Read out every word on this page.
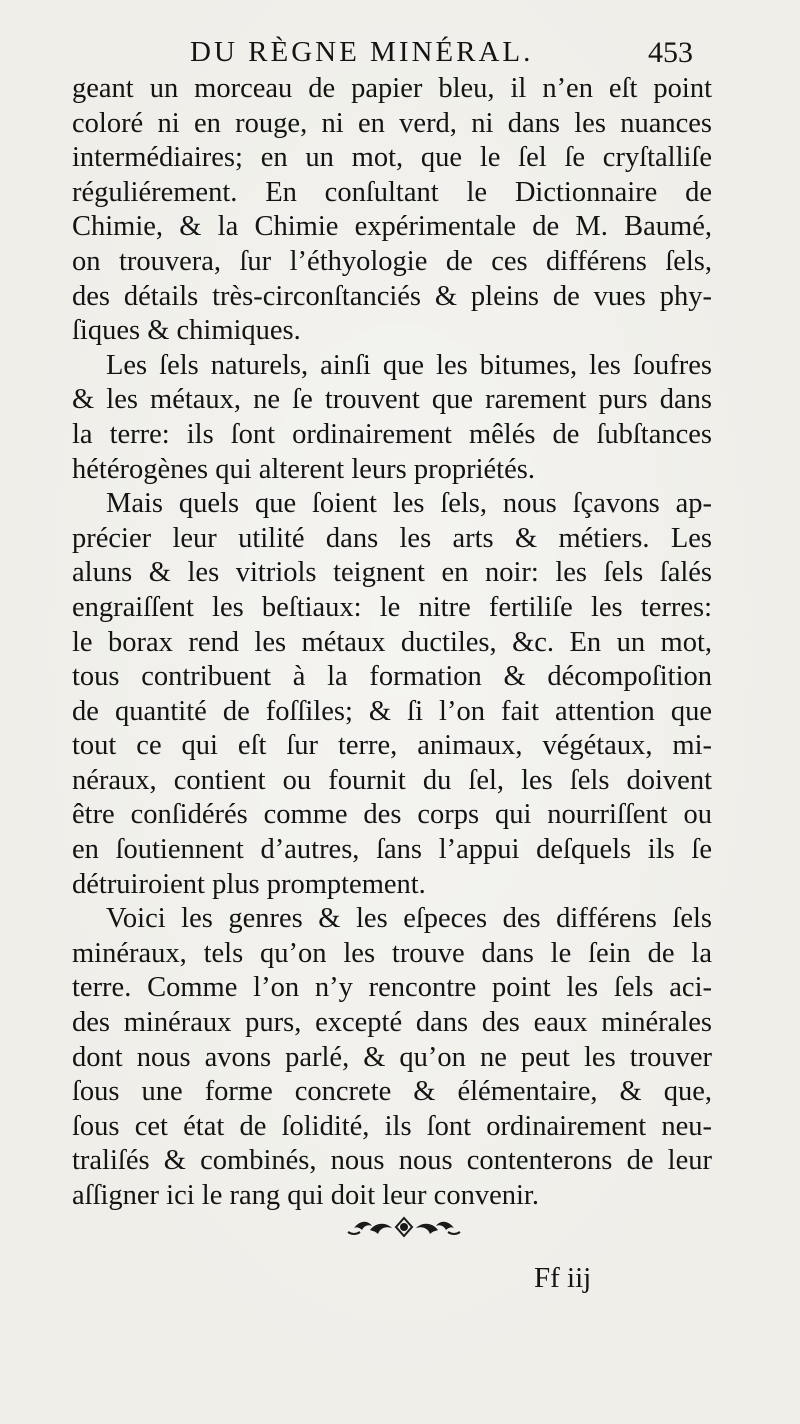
DU RÈGNE MINÉRAL.	453
geant un morceau de papier bleu, il n’en eſt point
coloré ni en rouge, ni en verd, ni dans les nuances
intermédiaires; en un mot, que le ſel ſe cryſtalliſe
réguliérement. En conſultant le Dictionnaire de
Chimie, & la Chimie expérimentale de M. Baumé,
on trouvera, ſur l’éthyologie de ces différens ſels,
des détails très-circonſtanciés & pleins de vues phy-
ſiques & chimiques.
Les ſels naturels, ainſi que les bitumes, les ſoufres
& les métaux, ne ſe trouvent que rarement purs dans
la terre: ils ſont ordinairement mêlés de ſubſtances
hétérogènes qui alterent leurs propriétés.
Mais quels que ſoient les ſels, nous ſçavons ap-
précier leur utilité dans les arts & métiers. Les
aluns & les vitriols teignent en noir: les ſels ſalés
engraiſſent les beſtiaux: le nitre fertiliſe les terres:
le borax rend les métaux ductiles, &c. En un mot,
tous contribuent à la formation & décompoſition
de quantité de foſſiles; & ſi l’on fait attention que
tout ce qui eſt ſur terre, animaux, végétaux, mi-
néraux, contient ou fournit du ſel, les ſels doivent
être conſidérés comme des corps qui nourriſſent ou
en ſoutiennent d’autres, ſans l’appui deſquels ils ſe
détruiroient plus promptement.
Voici les genres & les eſpeces des différens ſels
minéraux, tels qu’on les trouve dans le ſein de la
terre. Comme l’on n’y rencontre point les ſels aci-
des minéraux purs, excepté dans des eaux minérales
dont nous avons parlé, & qu’on ne peut les trouver
ſous une forme concrete & élémentaire, & que,
ſous cet état de ſolidité, ils ſont ordinairement neu-
traliſés & combinés, nous nous contenterons de leur
aſſigner ici le rang qui doit leur convenir.
Ff iij
